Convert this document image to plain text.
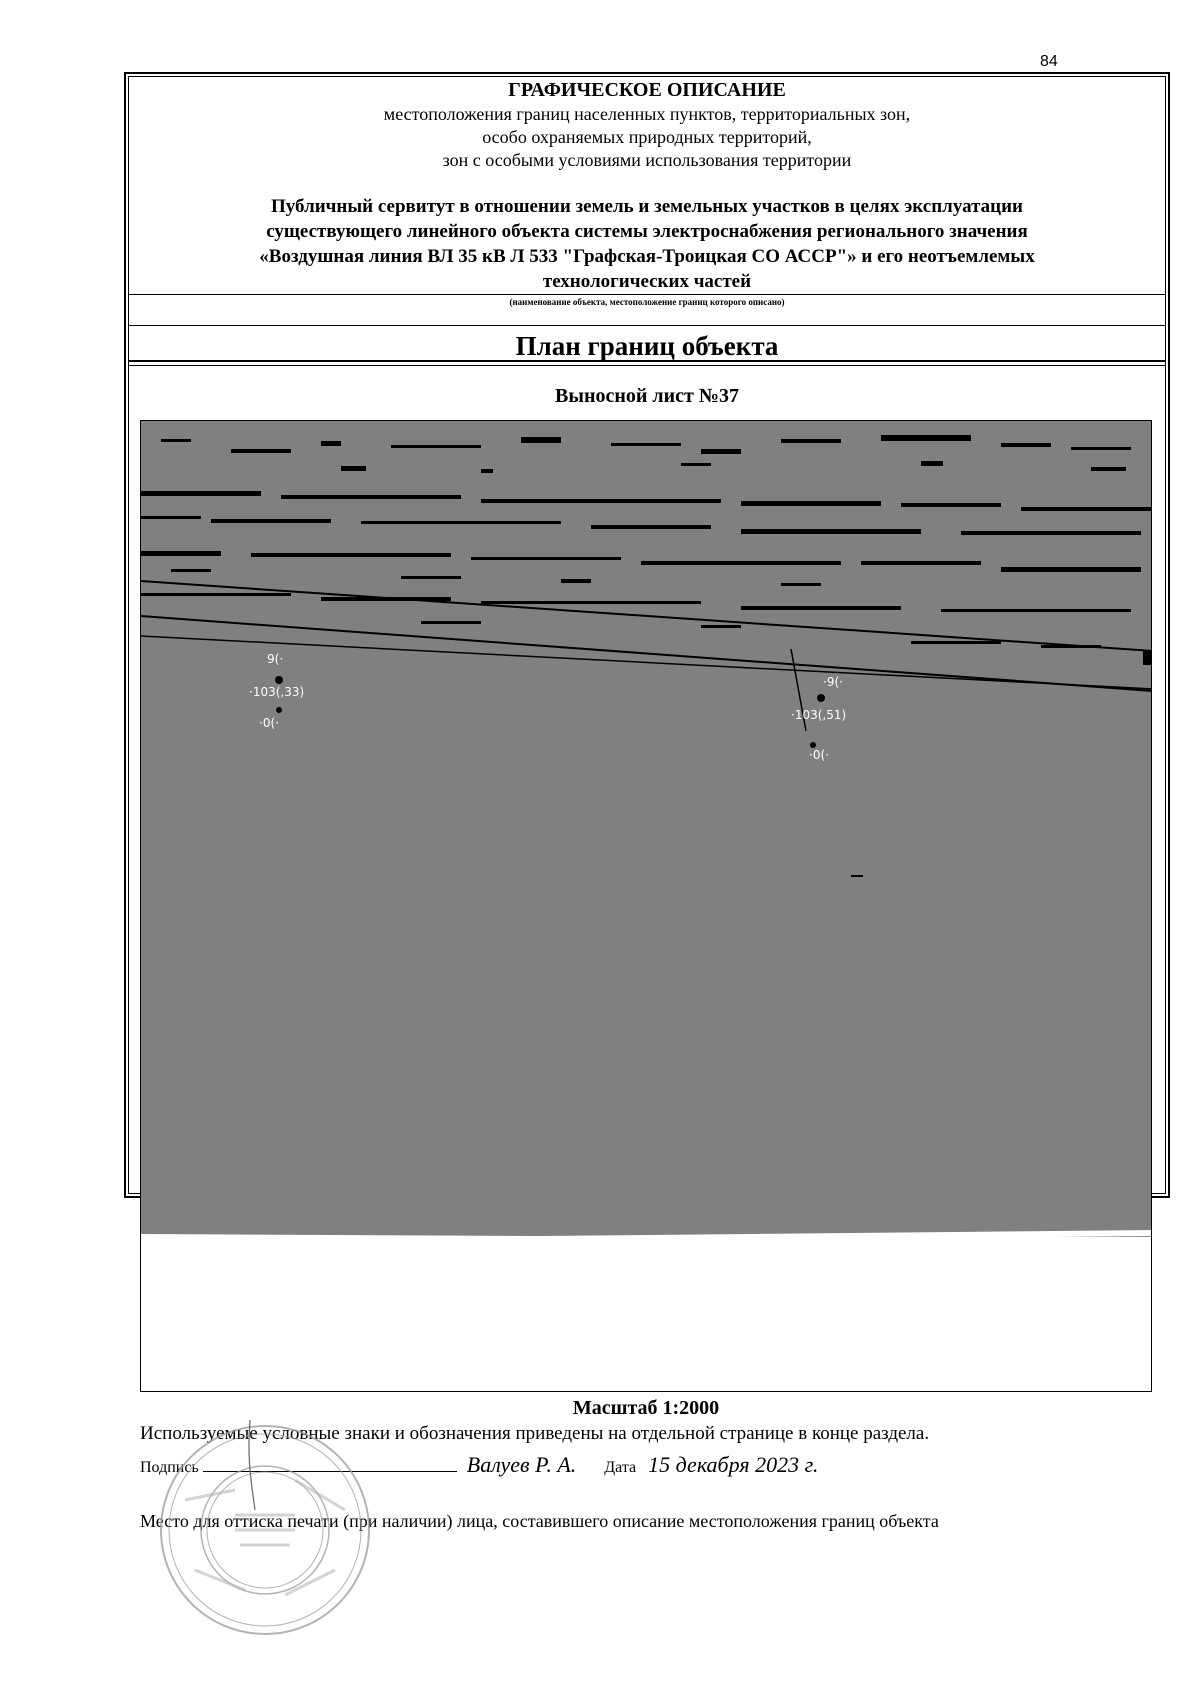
84
ГРАФИЧЕСКОЕ ОПИСАНИЕ
местоположения границ населенных пунктов, территориальных зон,
особо охраняемых природных территорий,
зон с особыми условиями использования территории
Публичный сервитут в отношении земель и земельных участков в целях эксплуатации
существующего линейного объекта системы электроснабжения регионального значения
«Воздушная линия ВЛ 35 кВ Л 533 "Графская-Троицкая СО АССР"» и его неотъемлемых
технологических частей
(наименование объекта, местоположение границ которого описано)
План границ объекта
Выносной лист №37
9(·
·103(,33)
·0(·
·9(·
·103(,51)
·0(·
Масштаб 1:2000
Используемые условные знаки и обозначения приведены на отдельной странице в конце раздела.
Подпись	Валуев Р. А. Дата 15 декабря 2023 г.
Место для оттиска печати (при наличии) лица, составившего описание местоположения границ объекта
